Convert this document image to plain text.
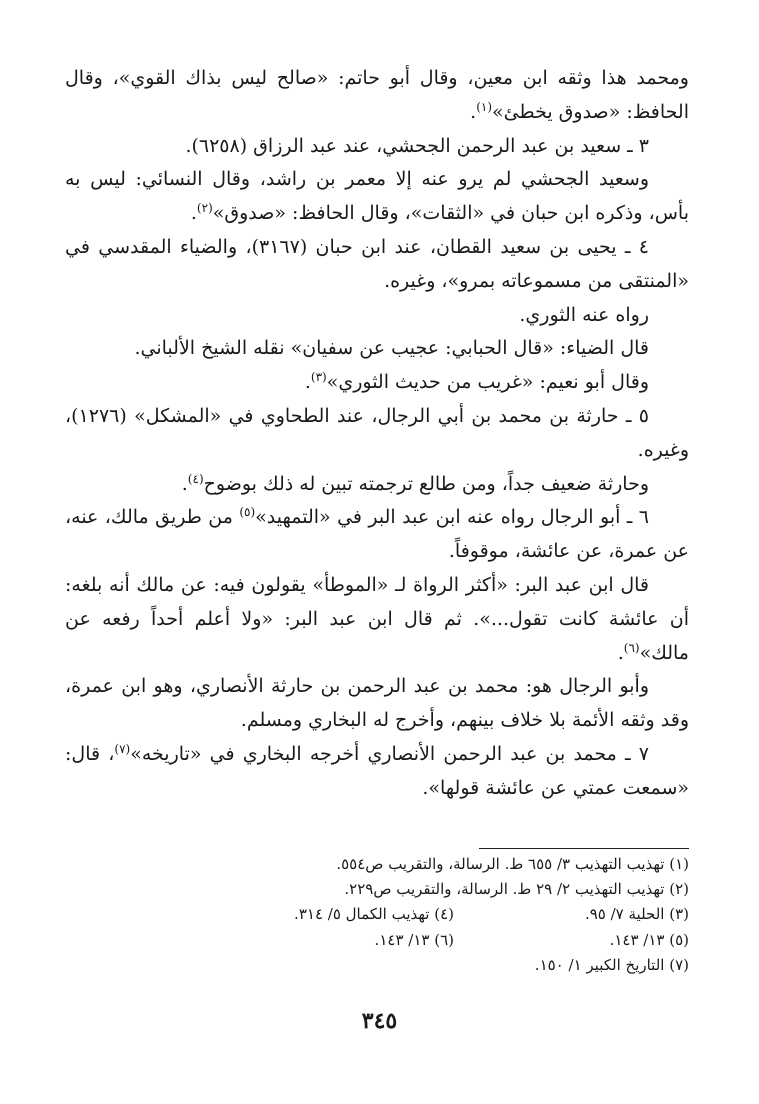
ومحمد هذا وثقه ابن معين، وقال أبو حاتم: «صالح ليس بذاك القوي»، وقال الحافظ: «صدوق يخطئ»$^{(١)}$.

٣ ـ سعيد بن عبد الرحمن الجحشي، عند عبد الرزاق (٦٢٥٨).

وسعيد الجحشي لم يرو عنه إلا معمر بن راشد، وقال النسائي: ليس به بأس، وذكره ابن حبان في «الثقات»، وقال الحافظ: «صدوق»$^{(٢)}$.

٤ ـ يحيى بن سعيد القطان، عند ابن حبان (٣١٦٧)، والضياء المقدسي في «المنتقى من مسموعاته بمرو»، وغيره.

رواه عنه الثوري.

قال الضياء: «قال الحبابي: عجيب عن سفيان» نقله الشيخ الألباني.

وقال أبو نعيم: «غريب من حديث الثوري»$^{(٣)}$.

٥ ـ حارثة بن محمد بن أبي الرجال، عند الطحاوي في «المشكل» (١٢٧٦)، وغيره.

وحارثة ضعيف جداً، ومن طالع ترجمته تبين له ذلك بوضوح$^{(٤)}$.

٦ ـ أبو الرجال رواه عنه ابن عبد البر في «التمهيد»$^{(٥)}$ من طريق مالك، عنه، عن عمرة، عن عائشة، موقوفاً.

قال ابن عبد البر: «أكثر الرواة لـ «الموطأ» يقولون فيه: عن مالك أنه بلغه: أن عائشة كانت تقول...». ثم قال ابن عبد البر: «ولا أعلم أحداً رفعه عن مالك»$^{(٦)}$.

وأبو الرجال هو: محمد بن عبد الرحمن بن حارثة الأنصاري، وهو ابن عمرة، وقد وثقه الأئمة بلا خلاف بينهم، وأخرج له البخاري ومسلم.

٧ ـ محمد بن عبد الرحمن الأنصاري أخرجه البخاري في «تاريخه»$^{(٧)}$، قال: «سمعت عمتي عن عائشة قولها».

(١) تهذيب التهذيب ٣/ ٦٥٥ ط. الرسالة، والتقريب ص٥٥٤.
(٢) تهذيب التهذيب ٢/ ٢٩ ط. الرسالة، والتقريب ص٢٢٩.
(٣) الحلية ٧/ ٩٥.
(٤) تهذيب الكمال ٥/ ٣١٤.
(٥) ١٣/ ١٤٣.
(٦) ١٣/ ١٤٣.
(٧) التاريخ الكبير ١/ ١٥٠.
٣٤٥
